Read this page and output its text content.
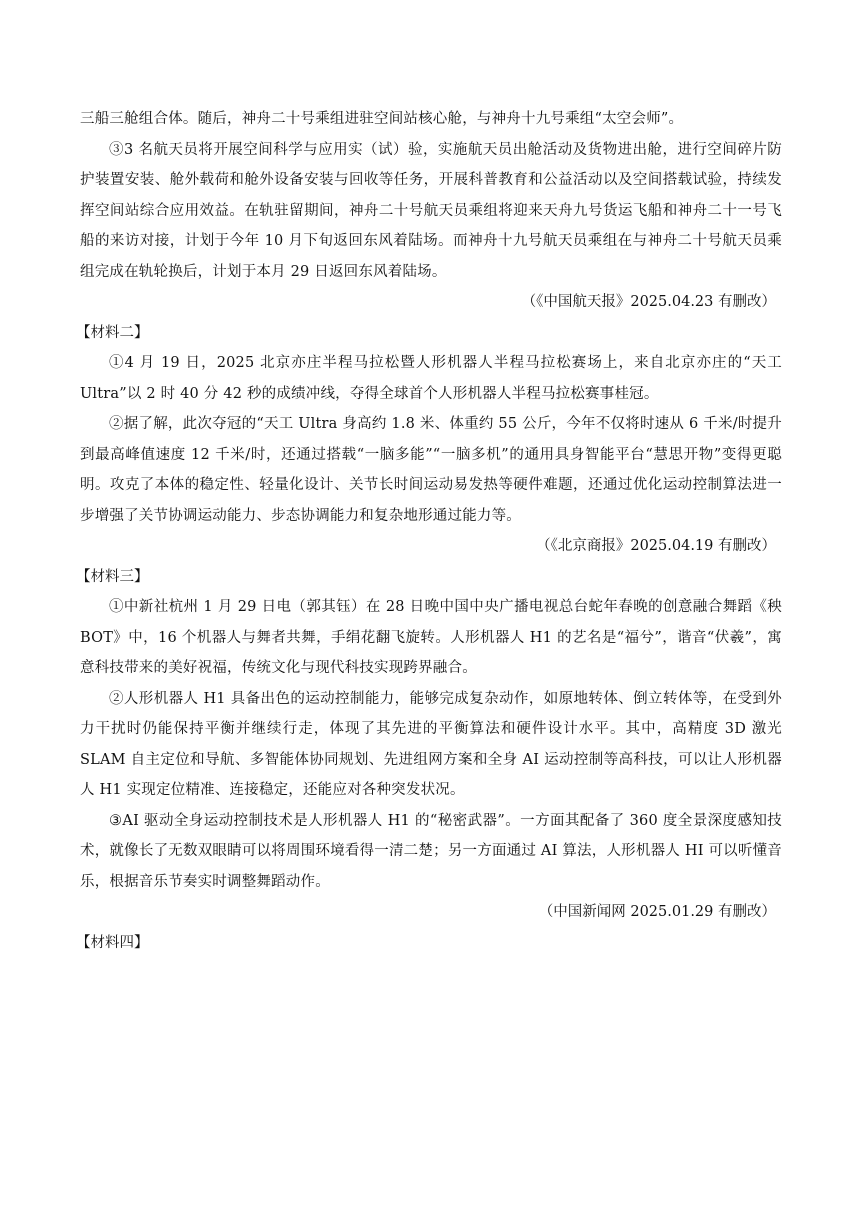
三船三舱组合体。随后，神舟二十号乘组进驻空间站核心舱，与神舟十九号乘组“太空会师”。

③3 名航天员将开展空间科学与应用实（试）验，实施航天员出舱活动及货物进出舱，进行空间碎片防护装置安装、舱外载荷和舱外设备安装与回收等任务，开展科普教育和公益活动以及空间搭载试验，持续发挥空间站综合应用效益。在轨驻留期间，神舟二十号航天员乘组将迎来天舟九号货运飞船和神舟二十一号飞船的来访对接，计划于今年 10 月下旬返回东风着陆场。而神舟十九号航天员乘组在与神舟二十号航天员乘组完成在轨轮换后，计划于本月 29 日返回东风着陆场。

（《中国航天报》2025.04.23 有删改）

【材料二】

①4 月 19 日，2025 北京亦庄半程马拉松暨人形机器人半程马拉松赛场上，来自北京亦庄的“天工 Ultra”以 2 时 40 分 42 秒的成绩冲线，夺得全球首个人形机器人半程马拉松赛事桂冠。

②据了解，此次夺冠的“天工 Ultra 身高约 1.8 米、体重约 55 公斤，今年不仅将时速从 6 千米/时提升到最高峰值速度 12 千米/时，还通过搭载“一脑多能”“一脑多机”的通用具身智能平台“慧思开物”变得更聪明。攻克了本体的稳定性、轻量化设计、关节长时间运动易发热等硬件难题，还通过优化运动控制算法进一步增强了关节协调运动能力、步态协调能力和复杂地形通过能力等。

（《北京商报》2025.04.19 有删改）

【材料三】

①中新社杭州 1 月 29 日电（郭其钰）在 28 日晚中国中央广播电视总台蛇年春晚的创意融合舞蹈《秧BOT》中，16 个机器人与舞者共舞，手绢花翻飞旋转。人形机器人 H1 的艺名是“福兮”，谐音“伏羲”，寓意科技带来的美好祝福，传统文化与现代科技实现跨界融合。

②人形机器人 H1 具备出色的运动控制能力，能够完成复杂动作，如原地转体、倒立转体等，在受到外力干扰时仍能保持平衡并继续行走，体现了其先进的平衡算法和硬件设计水平。其中，高精度 3D 激光 SLAM 自主定位和导航、多智能体协同规划、先进组网方案和全身 AI 运动控制等高科技，可以让人形机器人 H1 实现定位精准、连接稳定，还能应对各种突发状况。

③AI 驱动全身运动控制技术是人形机器人 H1 的“秘密武器”。一方面其配备了 360 度全景深度感知技术，就像长了无数双眼睛可以将周围环境看得一清二楚；另一方面通过 AI 算法，人形机器人 HI 可以听懂音乐，根据音乐节奏实时调整舞蹈动作。

（中国新闻网 2025.01.29 有删改）

【材料四】
